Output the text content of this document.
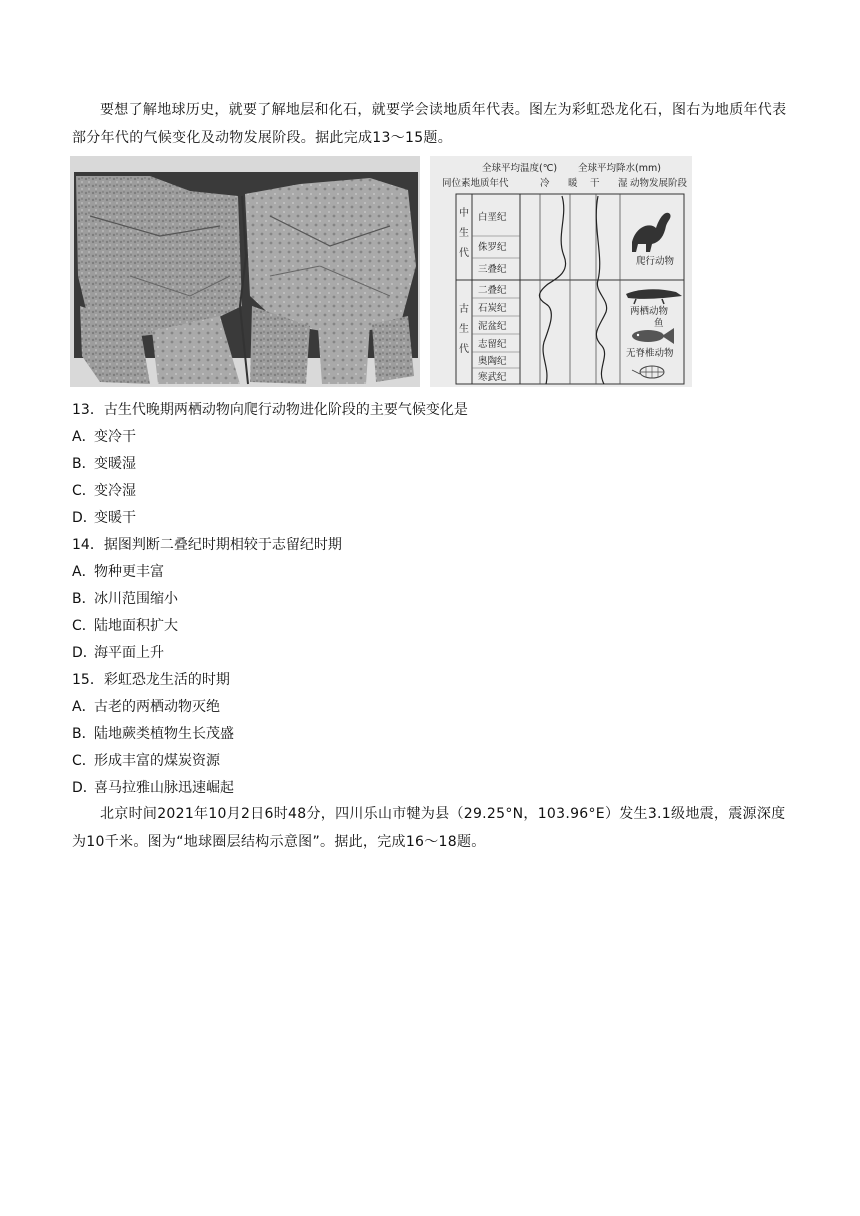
要想了解地球历史，就要了解地层和化石，就要学会读地质年代表。图左为彩虹恐龙化石，图右为地质年代表部分年代的气候变化及动物发展阶段。据此完成13～15题。
全球平均温度(℃) 全球平均降水(mm)
同位素地质年代	冷 暖 干 湿 动物发展阶段
中
生
代
白垩纪
侏罗纪
三叠纪
古
生
代
二叠纪
石炭纪
泥盆纪
志留纪
奥陶纪
寒武纪
爬行动物
两栖动物
鱼
无脊椎动物
13．古生代晚期两栖动物向爬行动物进化阶段的主要气候变化是
A．变冷干
B．变暖湿
C．变冷湿
D．变暖干
14．据图判断二叠纪时期相较于志留纪时期
A．物种更丰富
B．冰川范围缩小
C．陆地面积扩大
D．海平面上升
15．彩虹恐龙生活的时期
A．古老的两栖动物灭绝
B．陆地蕨类植物生长茂盛
C．形成丰富的煤炭资源
D．喜马拉雅山脉迅速崛起
北京时间2021年10月2日6时48分，四川乐山市犍为县（29.25°N，103.96°E）发生3.1级地震，震源深度为10千米。图为“地球圈层结构示意图”。据此，完成16～18题。
